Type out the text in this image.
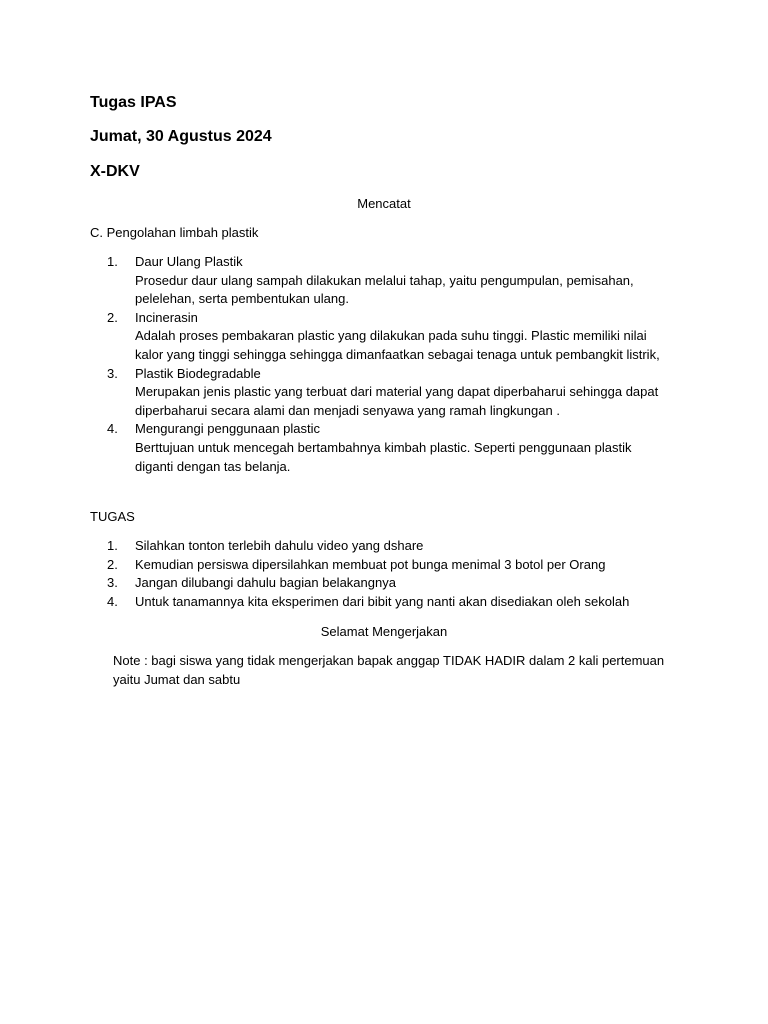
Tugas IPAS
Jumat, 30 Agustus 2024
X-DKV
Mencatat
C. Pengolahan limbah plastik
1. Daur Ulang Plastik
Prosedur daur ulang sampah dilakukan melalui tahap, yaitu pengumpulan, pemisahan, pelelehan, serta pembentukan ulang.
2. Incinerasin
Adalah proses pembakaran plastic yang dilakukan pada suhu tinggi. Plastic memiliki nilai kalor yang tinggi sehingga sehingga dimanfaatkan sebagai tenaga untuk pembangkit listrik,
3. Plastik Biodegradable
Merupakan jenis plastic yang terbuat dari material yang dapat diperbaharui sehingga dapat diperbaharui secara alami dan menjadi senyawa yang ramah lingkungan .
4. Mengurangi penggunaan plastic
Berttujuan untuk mencegah bertambahnya kimbah plastic. Seperti penggunaan plastik diganti dengan tas belanja.
TUGAS
1. Silahkan tonton terlebih dahulu video yang dshare
2. Kemudian persiswa dipersilahkan membuat pot bunga menimal 3 botol per Orang
3. Jangan dilubangi dahulu bagian belakangnya
4. Untuk tanamannya kita eksperimen dari bibit yang nanti akan disediakan oleh sekolah
Selamat Mengerjakan
Note : bagi siswa yang tidak mengerjakan bapak anggap TIDAK HADIR dalam 2 kali pertemuan yaitu Jumat dan sabtu
